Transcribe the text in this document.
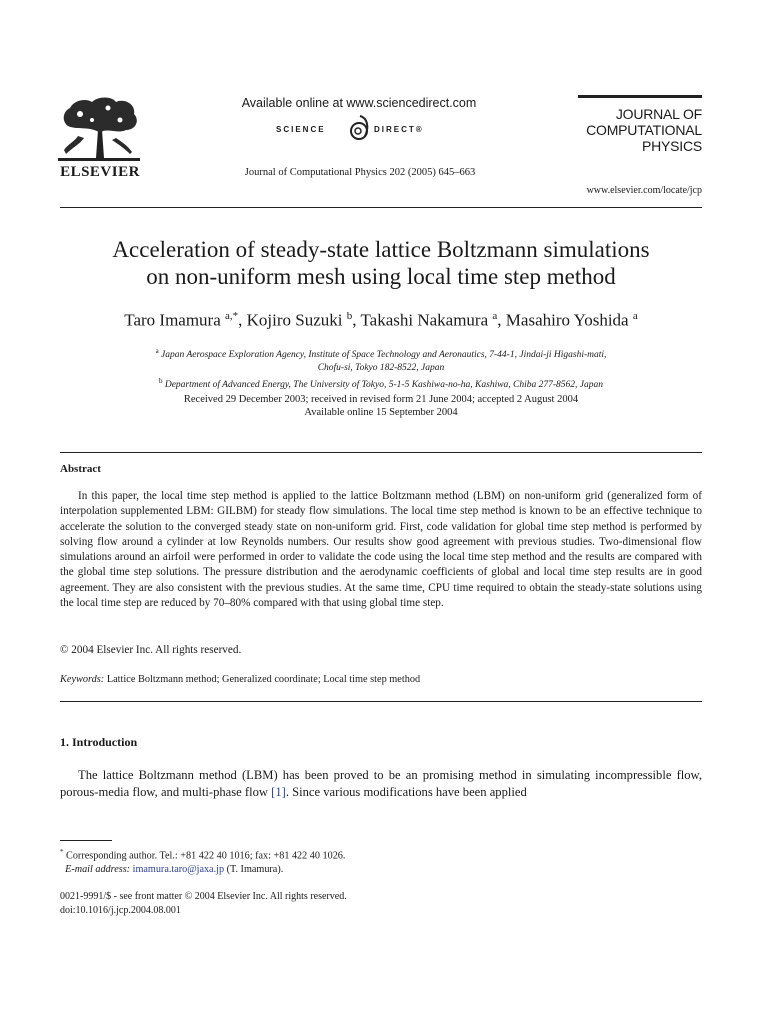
ELSEVIER
Available online at www.sciencedirect.com
SCIENCE	DIRECT®
Journal of Computational Physics 202 (2005) 645–663
JOURNAL OF
COMPUTATIONAL
PHYSICS
www.elsevier.com/locate/jcp
Acceleration of steady-state lattice Boltzmann simulations
on non-uniform mesh using local time step method
Taro Imamura $^{a,*}$, Kojiro Suzuki $^b$, Takashi Nakamura $^a$, Masahiro Yoshida $^a$
$^a$ Japan Aerospace Exploration Agency, Institute of Space Technology and Aeronautics, 7-44-1, Jindai-ji Higashi-mati,
Chofu-si, Tokyo 182-8522, Japan
$^b$ Department of Advanced Energy, The University of Tokyo, 5-1-5 Kashiwa-no-ha, Kashiwa, Chiba 277-8562, Japan
Received 29 December 2003; received in revised form 21 June 2004; accepted 2 August 2004
Available online 15 September 2004
Abstract
In this paper, the local time step method is applied to the lattice Boltzmann method (LBM) on non-uniform grid (generalized form of interpolation supplemented LBM: GILBM) for steady flow simulations. The local time step method is known to be an effective technique to accelerate the solution to the converged steady state on non-uniform grid. First, code validation for global time step method is performed by solving flow around a cylinder at low Reynolds numbers. Our results show good agreement with previous studies. Two-dimensional flow simulations around an airfoil were performed in order to validate the code using the local time step method and the results are compared with the global time step solutions. The pressure distribution and the aerodynamic coefficients of global and local time step results are in good agreement. They are also consistent with the previous studies. At the same time, CPU time required to obtain the steady-state solutions using the local time step are reduced by 70–80% compared with that using global time step.
© 2004 Elsevier Inc. All rights reserved.
Keywords: Lattice Boltzmann method; Generalized coordinate; Local time step method
1. Introduction
The lattice Boltzmann method (LBM) has been proved to be an promising method in simulating incompressible flow, porous-media flow, and multi-phase flow [1]. Since various modifications have been applied
* Corresponding author. Tel.: +81 422 40 1016; fax: +81 422 40 1026.
E-mail address: imamura.taro@jaxa.jp (T. Imamura).
0021-9991/$ - see front matter © 2004 Elsevier Inc. All rights reserved.
doi:10.1016/j.jcp.2004.08.001
